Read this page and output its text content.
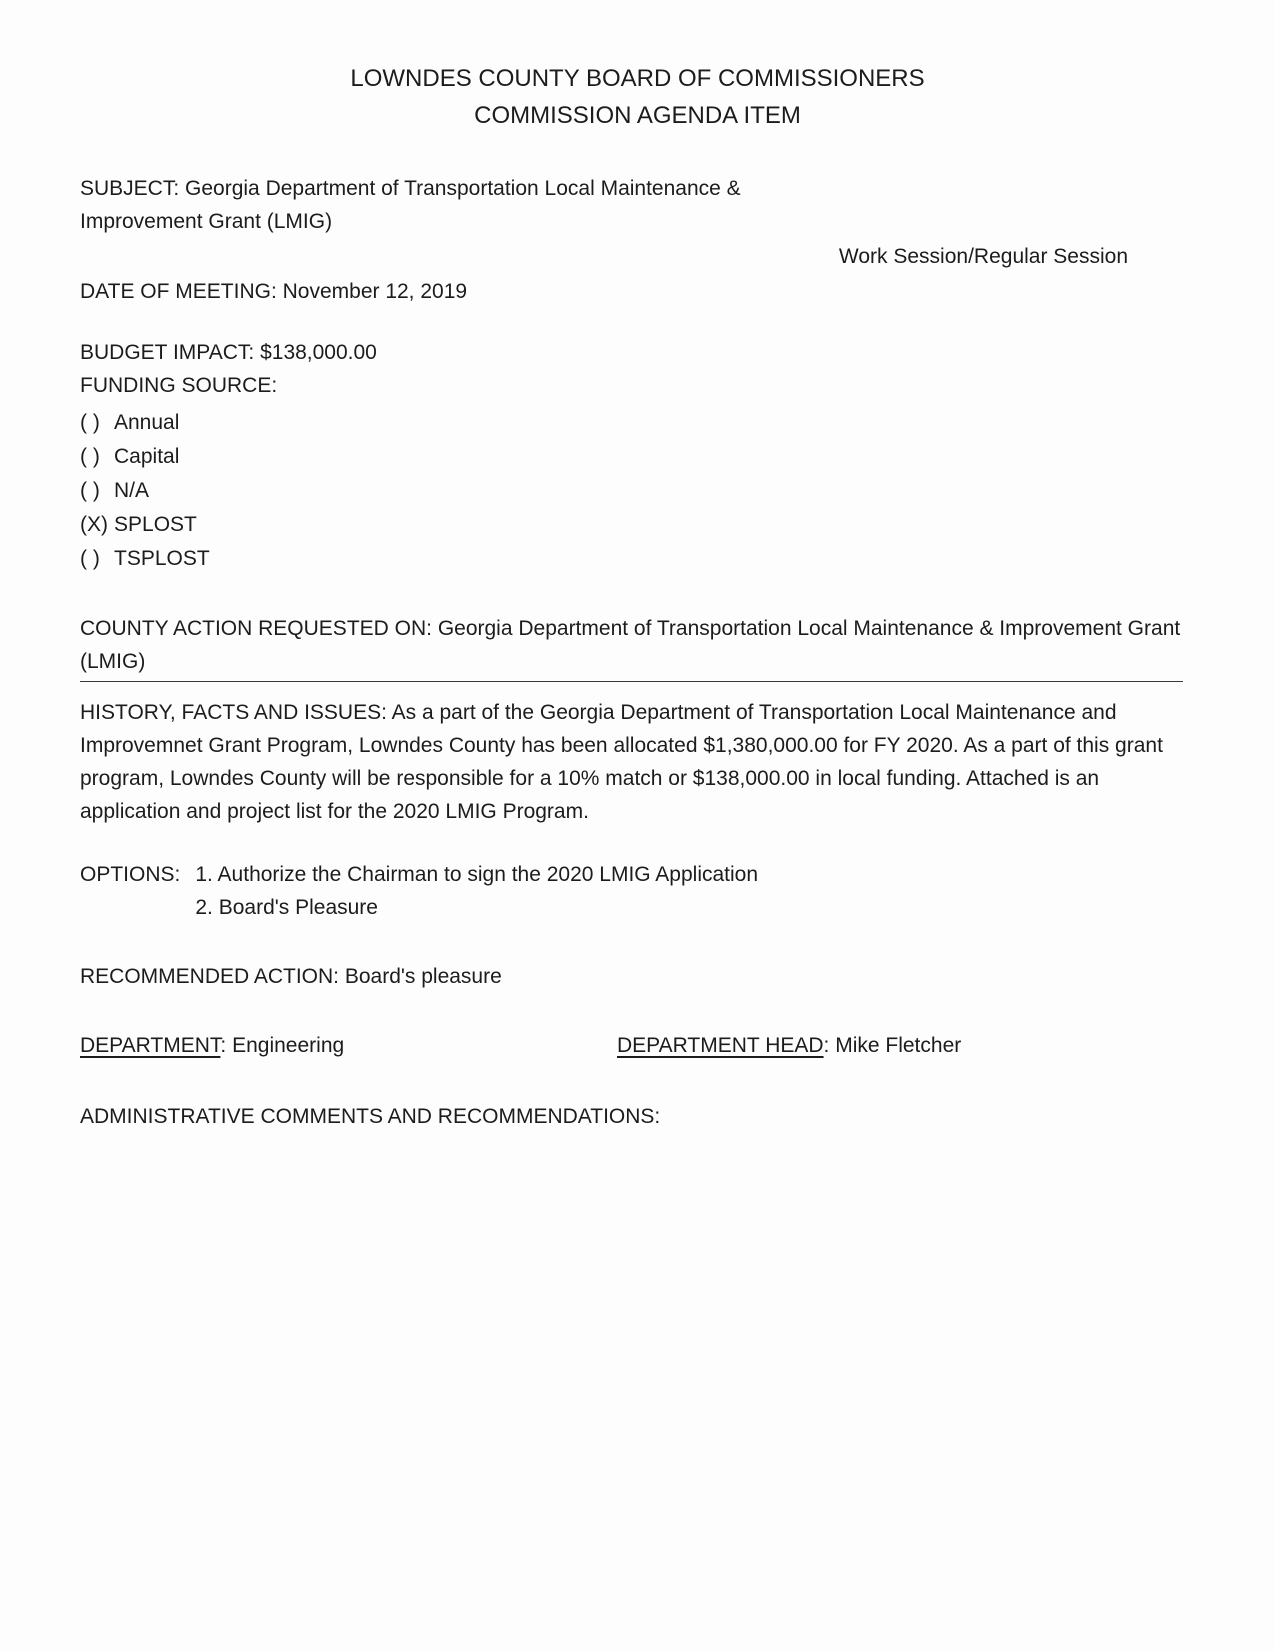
LOWNDES COUNTY BOARD OF COMMISSIONERS
COMMISSION AGENDA ITEM

SUBJECT: Georgia Department of Transportation Local Maintenance & Improvement Grant (LMIG)

Work Session/Regular Session

DATE OF MEETING: November 12, 2019

BUDGET IMPACT: $138,000.00

FUNDING SOURCE:

( ) Annual
( ) Capital
( ) N/A
(X) SPLOST
( ) TSPLOST

COUNTY ACTION REQUESTED ON: Georgia Department of Transportation Local Maintenance & Improvement Grant (LMIG)

HISTORY, FACTS AND ISSUES: As a part of the Georgia Department of Transportation Local Maintenance and Improvemnet Grant Program, Lowndes County has been allocated $1,380,000.00 for FY 2020. As a part of this grant program, Lowndes County will be responsible for a 10% match or $138,000.00 in local funding. Attached is an application and project list for the 2020 LMIG Program.

OPTIONS: 1. Authorize the Chairman to sign the 2020 LMIG Application
2. Board's Pleasure

RECOMMENDED ACTION: Board's pleasure

DEPARTMENT: Engineering	DEPARTMENT HEAD: Mike Fletcher

ADMINISTRATIVE COMMENTS AND RECOMMENDATIONS:
